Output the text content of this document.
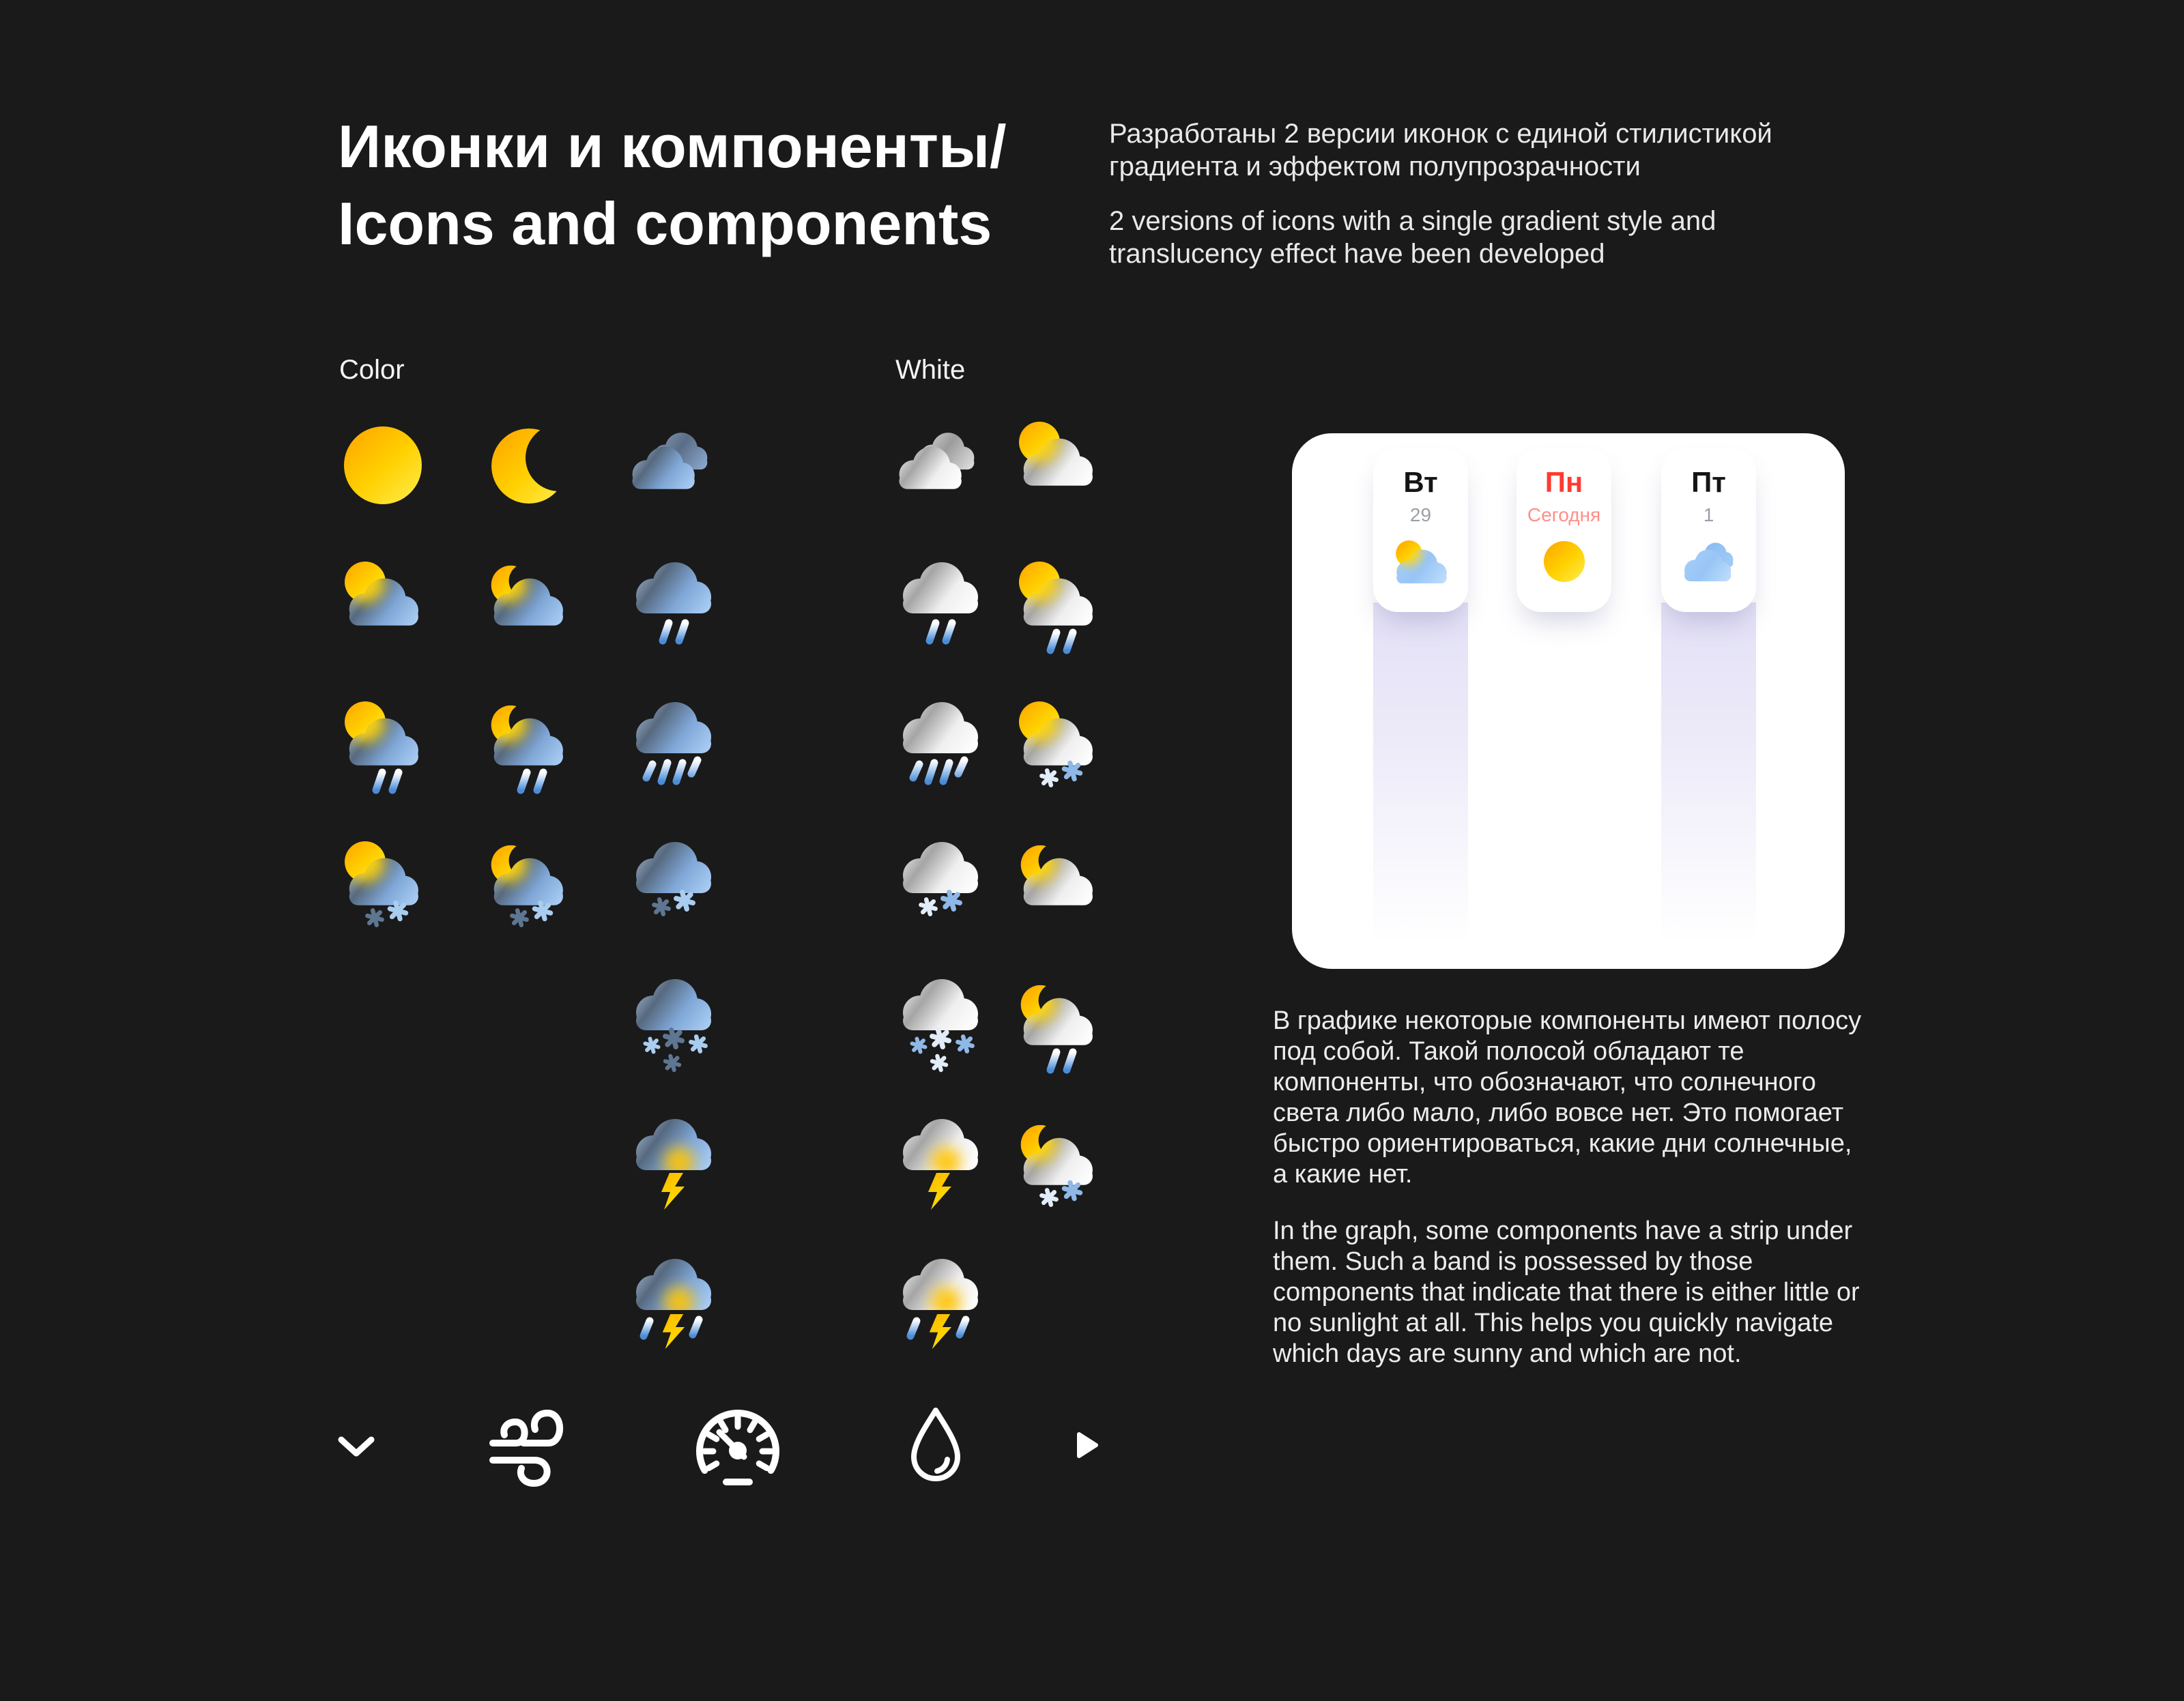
Иконки и компоненты/
Icons and components

Разработаны 2 версии иконок с единой стилистикой градиента и эффектом полупрозрачности

2 versions of icons with a single gradient style and translucency effect have been developed

Color	White
Вт
29
Пн
Сегодня
Пт
1

В графике некоторые компоненты имеют полосу под собой. Такой полосой обладают те компоненты, что обозначают, что солнечного света либо мало, либо вовсе нет. Это помогает быстро ориентироваться, какие дни солнечные, а какие нет.

In the graph, some components have a strip under them. Such a band is possessed by those components that indicate that there is either little or no sunlight at all. This helps you quickly navigate which days are sunny and which are not.
